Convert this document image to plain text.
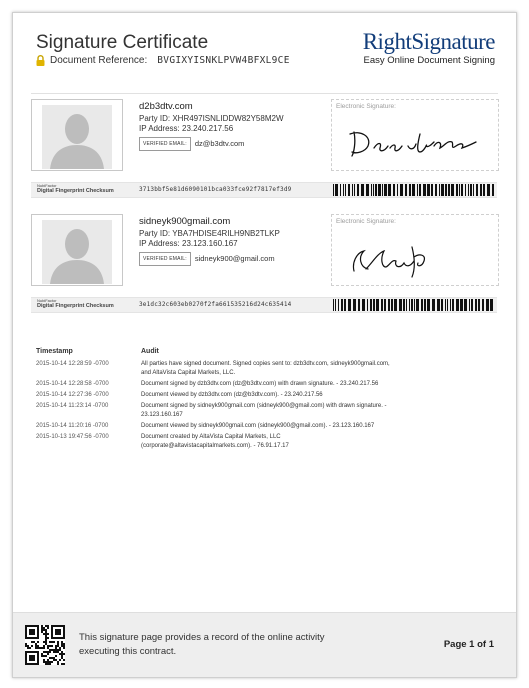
Signature Certificate
Document Reference: BVGIXYISNKLPVW4BFXL9CE
RightSignature
Easy Online Document Signing
d2b3dtv.com
Party ID: XHR497ISNLIDDW82Y58M2W
IP Address: 23.240.217.56
VERIFIED EMAIL:	dz@b3dtv.com
Electronic Signature:
NubiFactor
Digital Fingerprint Checksum	3713bbf5e81d6090101bca033fce92f7817ef3d9
sidneyk900gmail.com
Party ID: YBA7HDISE4RILH9NB2TLKP
IP Address: 23.123.160.167
VERIFIED EMAIL:	sidneyk900@gmail.com
Electronic Signature:
NubiFactor
Digital Fingerprint Checksum	3e1dc32c603eb0270f2fa661535216d24c635414
Timestamp	Audit
2015-10-14 12:28:59 -0700	All parties have signed document. Signed copies sent to: dzb3dtv.com, sidneyk900gmail.com, and AltaVista Capital Markets, LLC.
2015-10-14 12:28:58 -0700	Document signed by dzb3dtv.com (dz@b3dtv.com) with drawn signature. - 23.240.217.56
2015-10-14 12:27:36 -0700	Document viewed by dzb3dtv.com (dz@b3dtv.com). - 23.240.217.56
2015-10-14 11:23:14 -0700	Document signed by sidneyk900gmail.com (sidneyk900@gmail.com) with drawn signature. - 23.123.160.167
2015-10-14 11:20:16 -0700	Document viewed by sidneyk900gmail.com (sidneyk900@gmail.com). - 23.123.160.167
2015-10-13 19:47:56 -0700	Document created by AltaVista Capital Markets, LLC (corporate@altavistacapitalmarkets.com). - 76.91.17.17
This signature page provides a record of the online activity executing this contract.
Page 1 of 1
